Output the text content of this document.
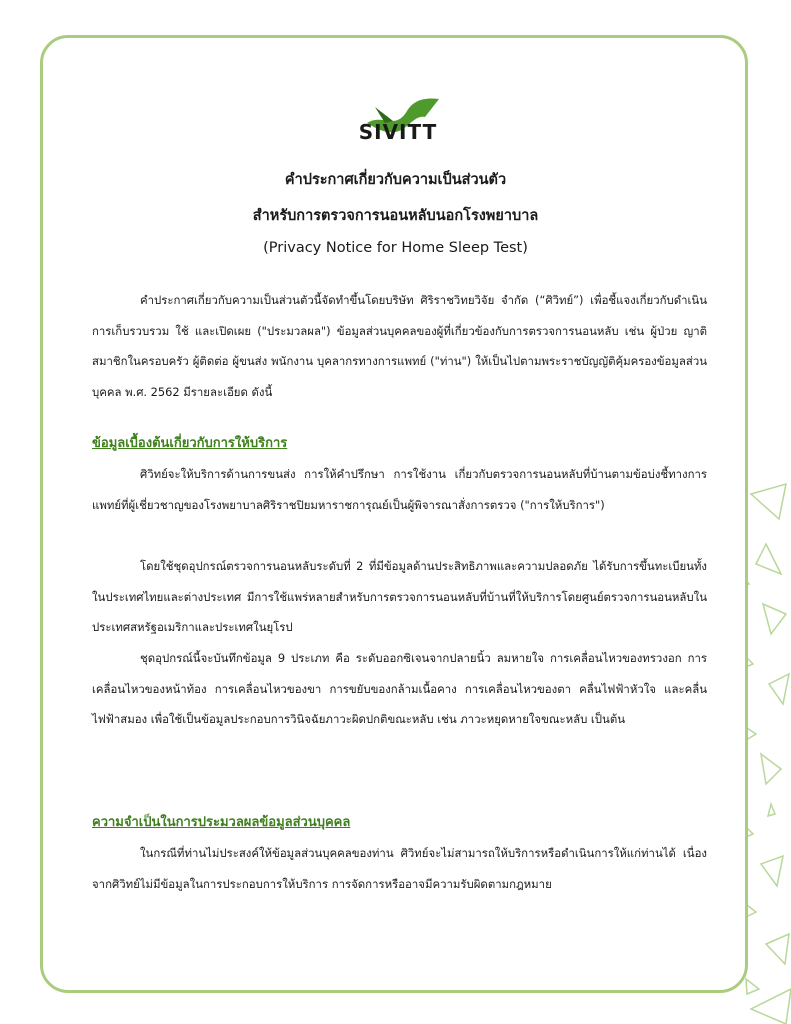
SIVITT
คำประกาศเกี่ยวกับความเป็นส่วนตัว
สำหรับการตรวจการนอนหลับนอกโรงพยาบาล
(Privacy Notice for Home Sleep Test)

คำประกาศเกี่ยวกับความเป็นส่วนตัวนี้จัดทำขึ้นโดยบริษัท ศิริราชวิทยวิจัย จำกัด (“ศิวิทย์”) เพื่อชี้แจงเกี่ยวกับดำเนินการเก็บรวบรวม ใช้ และเปิดเผย ("ประมวลผล") ข้อมูลส่วนบุคคลของผู้ที่เกี่ยวข้องกับการตรวจการนอนหลับ เช่น ผู้ป่วย ญาติ สมาชิกในครอบครัว ผู้ติดต่อ ผู้ขนส่ง พนักงาน บุคลากรทางการแพทย์ ("ท่าน") ให้เป็นไปตามพระราชบัญญัติคุ้มครองข้อมูลส่วนบุคคล พ.ศ. 2562 มีรายละเอียด ดังนี้

ข้อมูลเบื้องต้นเกี่ยวกับการให้บริการ

ศิวิทย์จะให้บริการด้านการขนส่ง การให้คำปรึกษา การใช้งาน เกี่ยวกับตรวจการนอนหลับที่บ้านตามข้อบ่งชี้ทางการแพทย์ที่ผู้เชี่ยวชาญของโรงพยาบาลศิริราชปิยมหาราชการุณย์เป็นผู้พิจารณาสั่งการตรวจ ("การให้บริการ")

โดยใช้ชุดอุปกรณ์ตรวจการนอนหลับระดับที่ 2 ที่มีข้อมูลด้านประสิทธิภาพและความปลอดภัย ได้รับการขึ้นทะเบียนทั้งในประเทศไทยและต่างประเทศ มีการใช้แพร่หลายสำหรับการตรวจการนอนหลับที่บ้านที่ให้บริการโดยศูนย์ตรวจการนอนหลับในประเทศสหรัฐอเมริกาและประเทศในยุโรป

ชุดอุปกรณ์นี้จะบันทึกข้อมูล 9 ประเภท คือ ระดับออกซิเจนจากปลายนิ้ว ลมหายใจ การเคลื่อนไหวของทรวงอก การเคลื่อนไหวของหน้าท้อง การเคลื่อนไหวของขา การขยับของกล้ามเนื้อคาง การเคลื่อนไหวของตา คลื่นไฟฟ้าหัวใจ และคลื่นไฟฟ้าสมอง เพื่อใช้เป็นข้อมูลประกอบการวินิจฉัยภาวะผิดปกติขณะหลับ เช่น ภาวะหยุดหายใจขณะหลับ เป็นต้น

ความจำเป็นในการประมวลผลข้อมูลส่วนบุคคล

ในกรณีที่ท่านไม่ประสงค์ให้ข้อมูลส่วนบุคคลของท่าน ศิวิทย์จะไม่สามารถให้บริการหรือดำเนินการให้แก่ท่านได้ เนื่องจากศิวิทย์ไม่มีข้อมูลในการประกอบการให้บริการ การจัดการหรืออาจมีความรับผิดตามกฎหมาย
